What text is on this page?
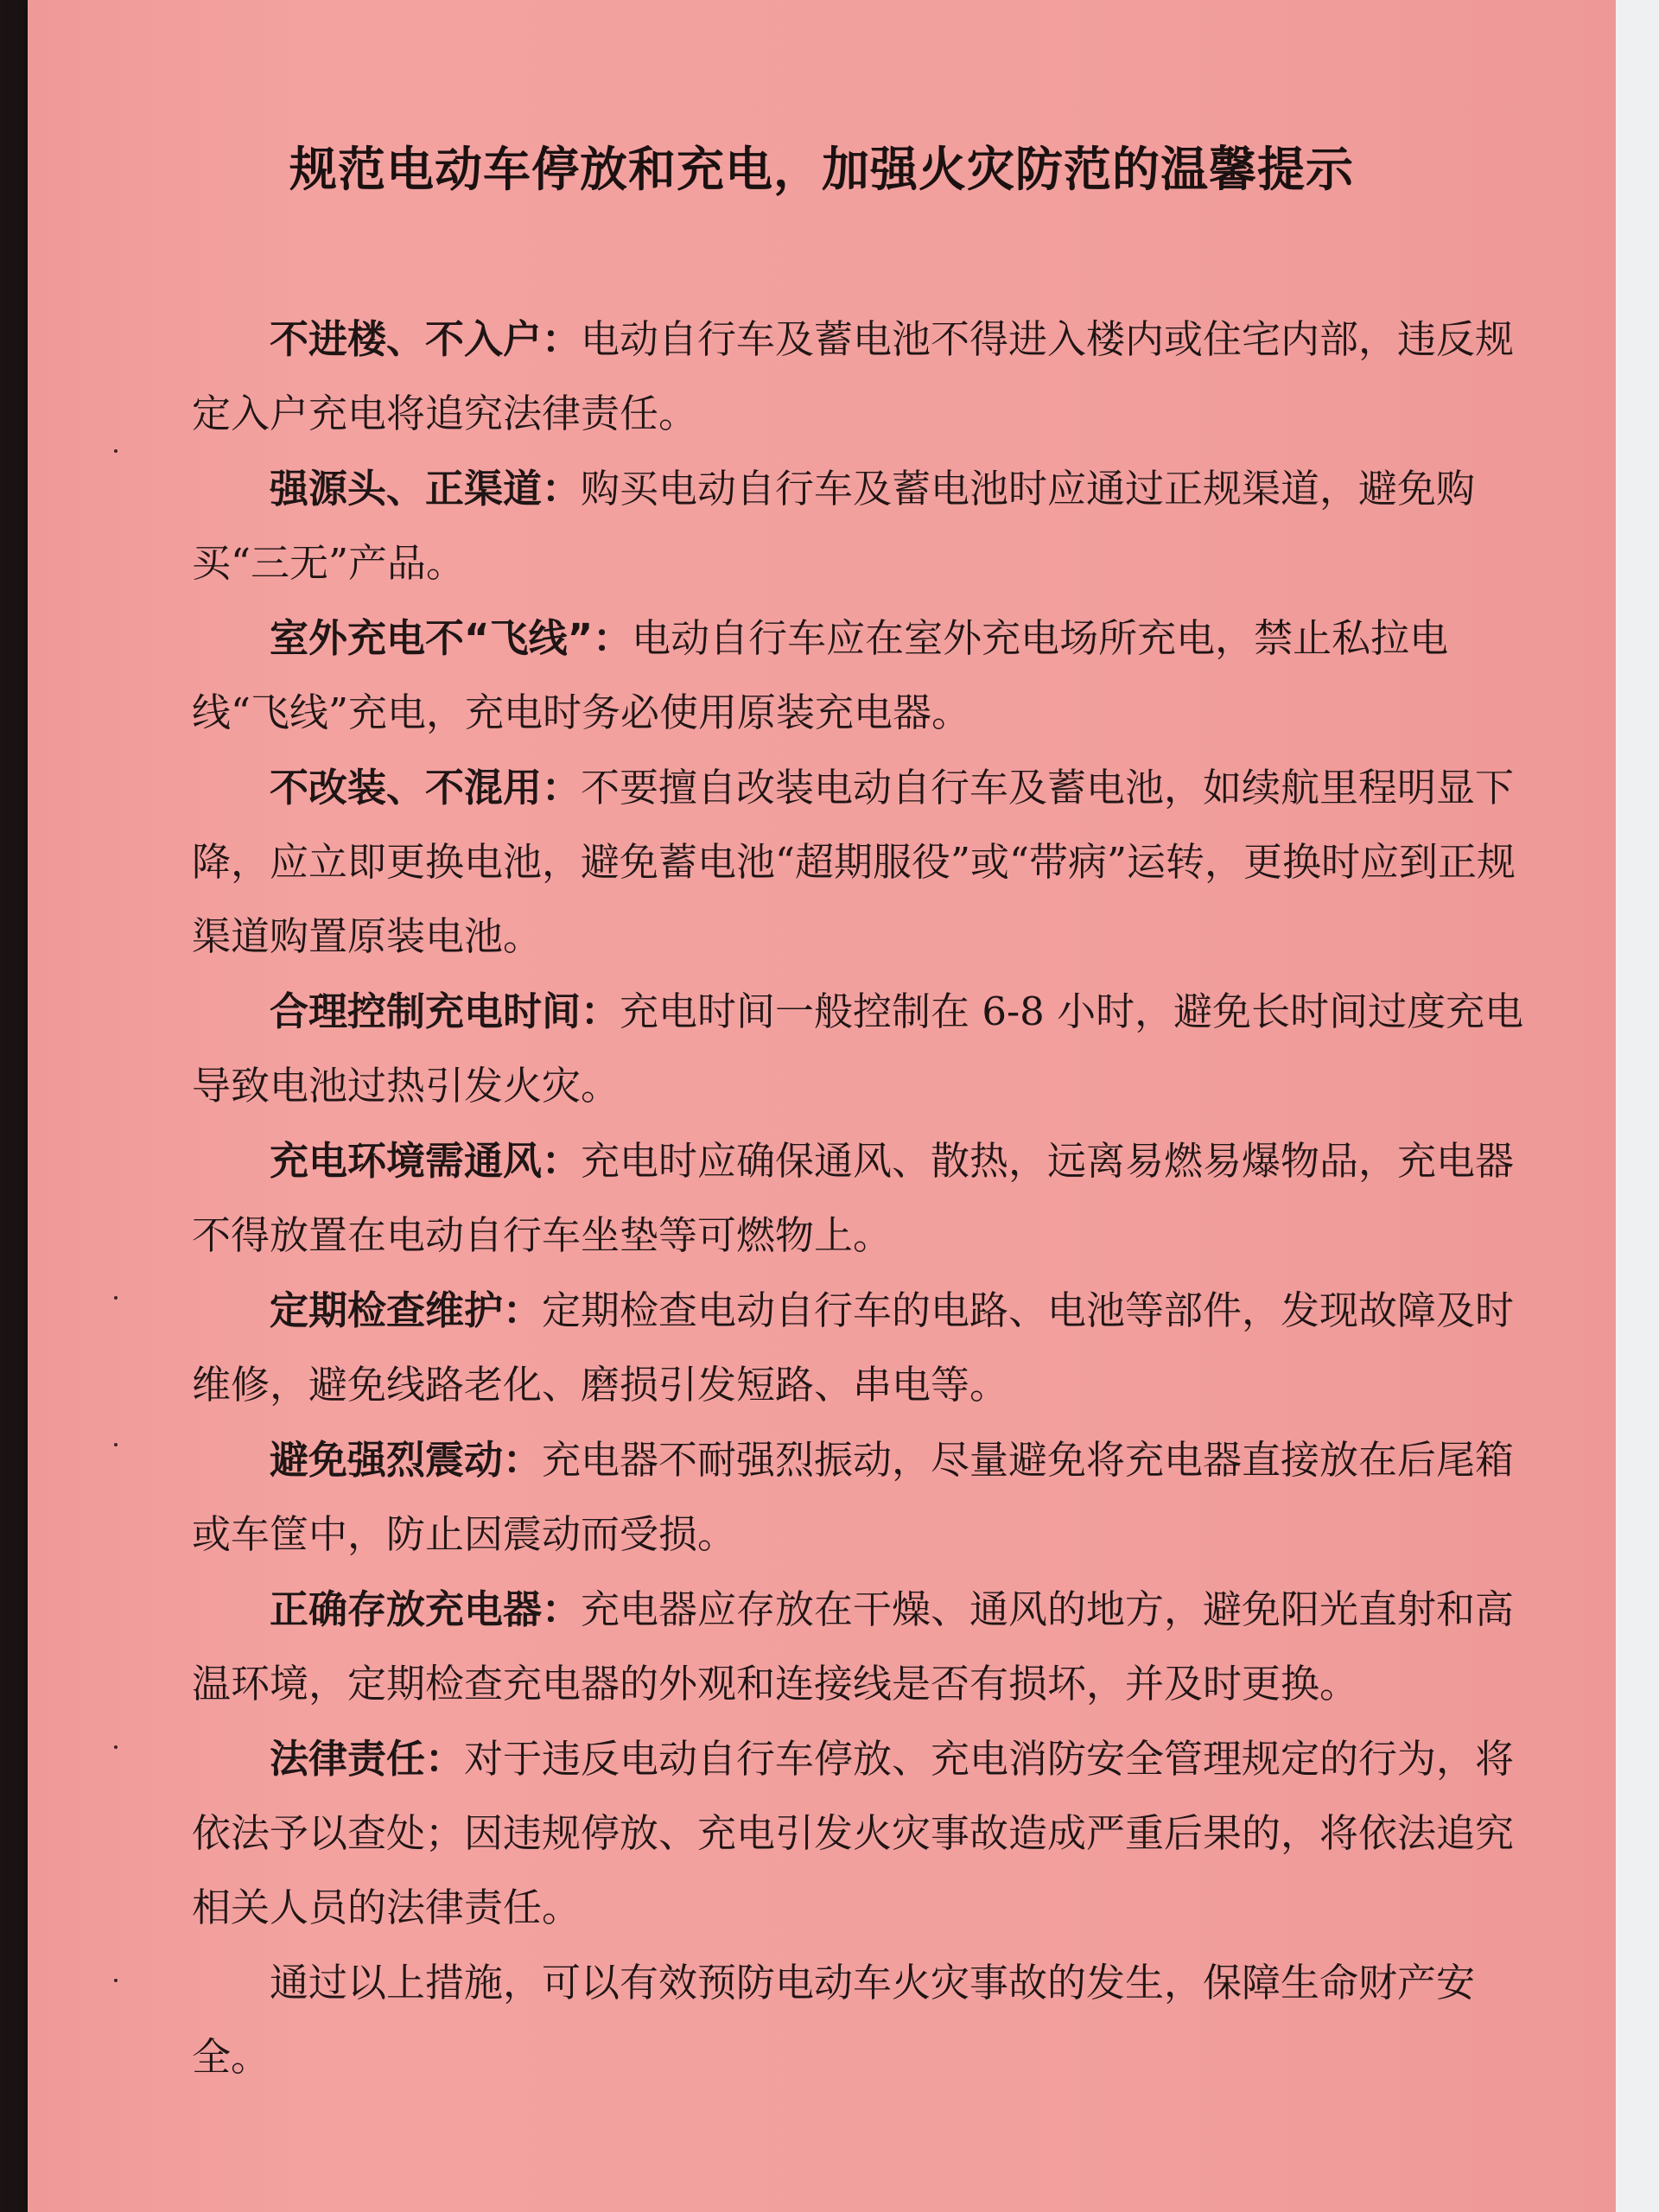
规范电动车停放和充电，加强火灾防范的温馨提示

不进楼、不入户：电动自行车及蓄电池不得进入楼内或住宅内部，违反规定入户充电将追究法律责任。

强源头、正渠道：购买电动自行车及蓄电池时应通过正规渠道，避免购买“三无”产品。

室外充电不“飞线”：电动自行车应在室外充电场所充电，禁止私拉电线“飞线”充电，充电时务必使用原装充电器。

不改装、不混用：不要擅自改装电动自行车及蓄电池，如续航里程明显下降，应立即更换电池，避免蓄电池“超期服役”或“带病”运转，更换时应到正规渠道购置原装电池。

合理控制充电时间：充电时间一般控制在 6-8 小时，避免长时间过度充电导致电池过热引发火灾。

充电环境需通风：充电时应确保通风、散热，远离易燃易爆物品，充电器不得放置在电动自行车坐垫等可燃物上。

定期检查维护：定期检查电动自行车的电路、电池等部件，发现故障及时维修，避免线路老化、磨损引发短路、串电等。

避免强烈震动：充电器不耐强烈振动，尽量避免将充电器直接放在后尾箱或车筐中，防止因震动而受损。

正确存放充电器：充电器应存放在干燥、通风的地方，避免阳光直射和高温环境，定期检查充电器的外观和连接线是否有损坏，并及时更换。

法律责任：对于违反电动自行车停放、充电消防安全管理规定的行为，将依法予以查处；因违规停放、充电引发火灾事故造成严重后果的，将依法追究相关人员的法律责任。

通过以上措施，可以有效预防电动车火灾事故的发生，保障生命财产安全。
